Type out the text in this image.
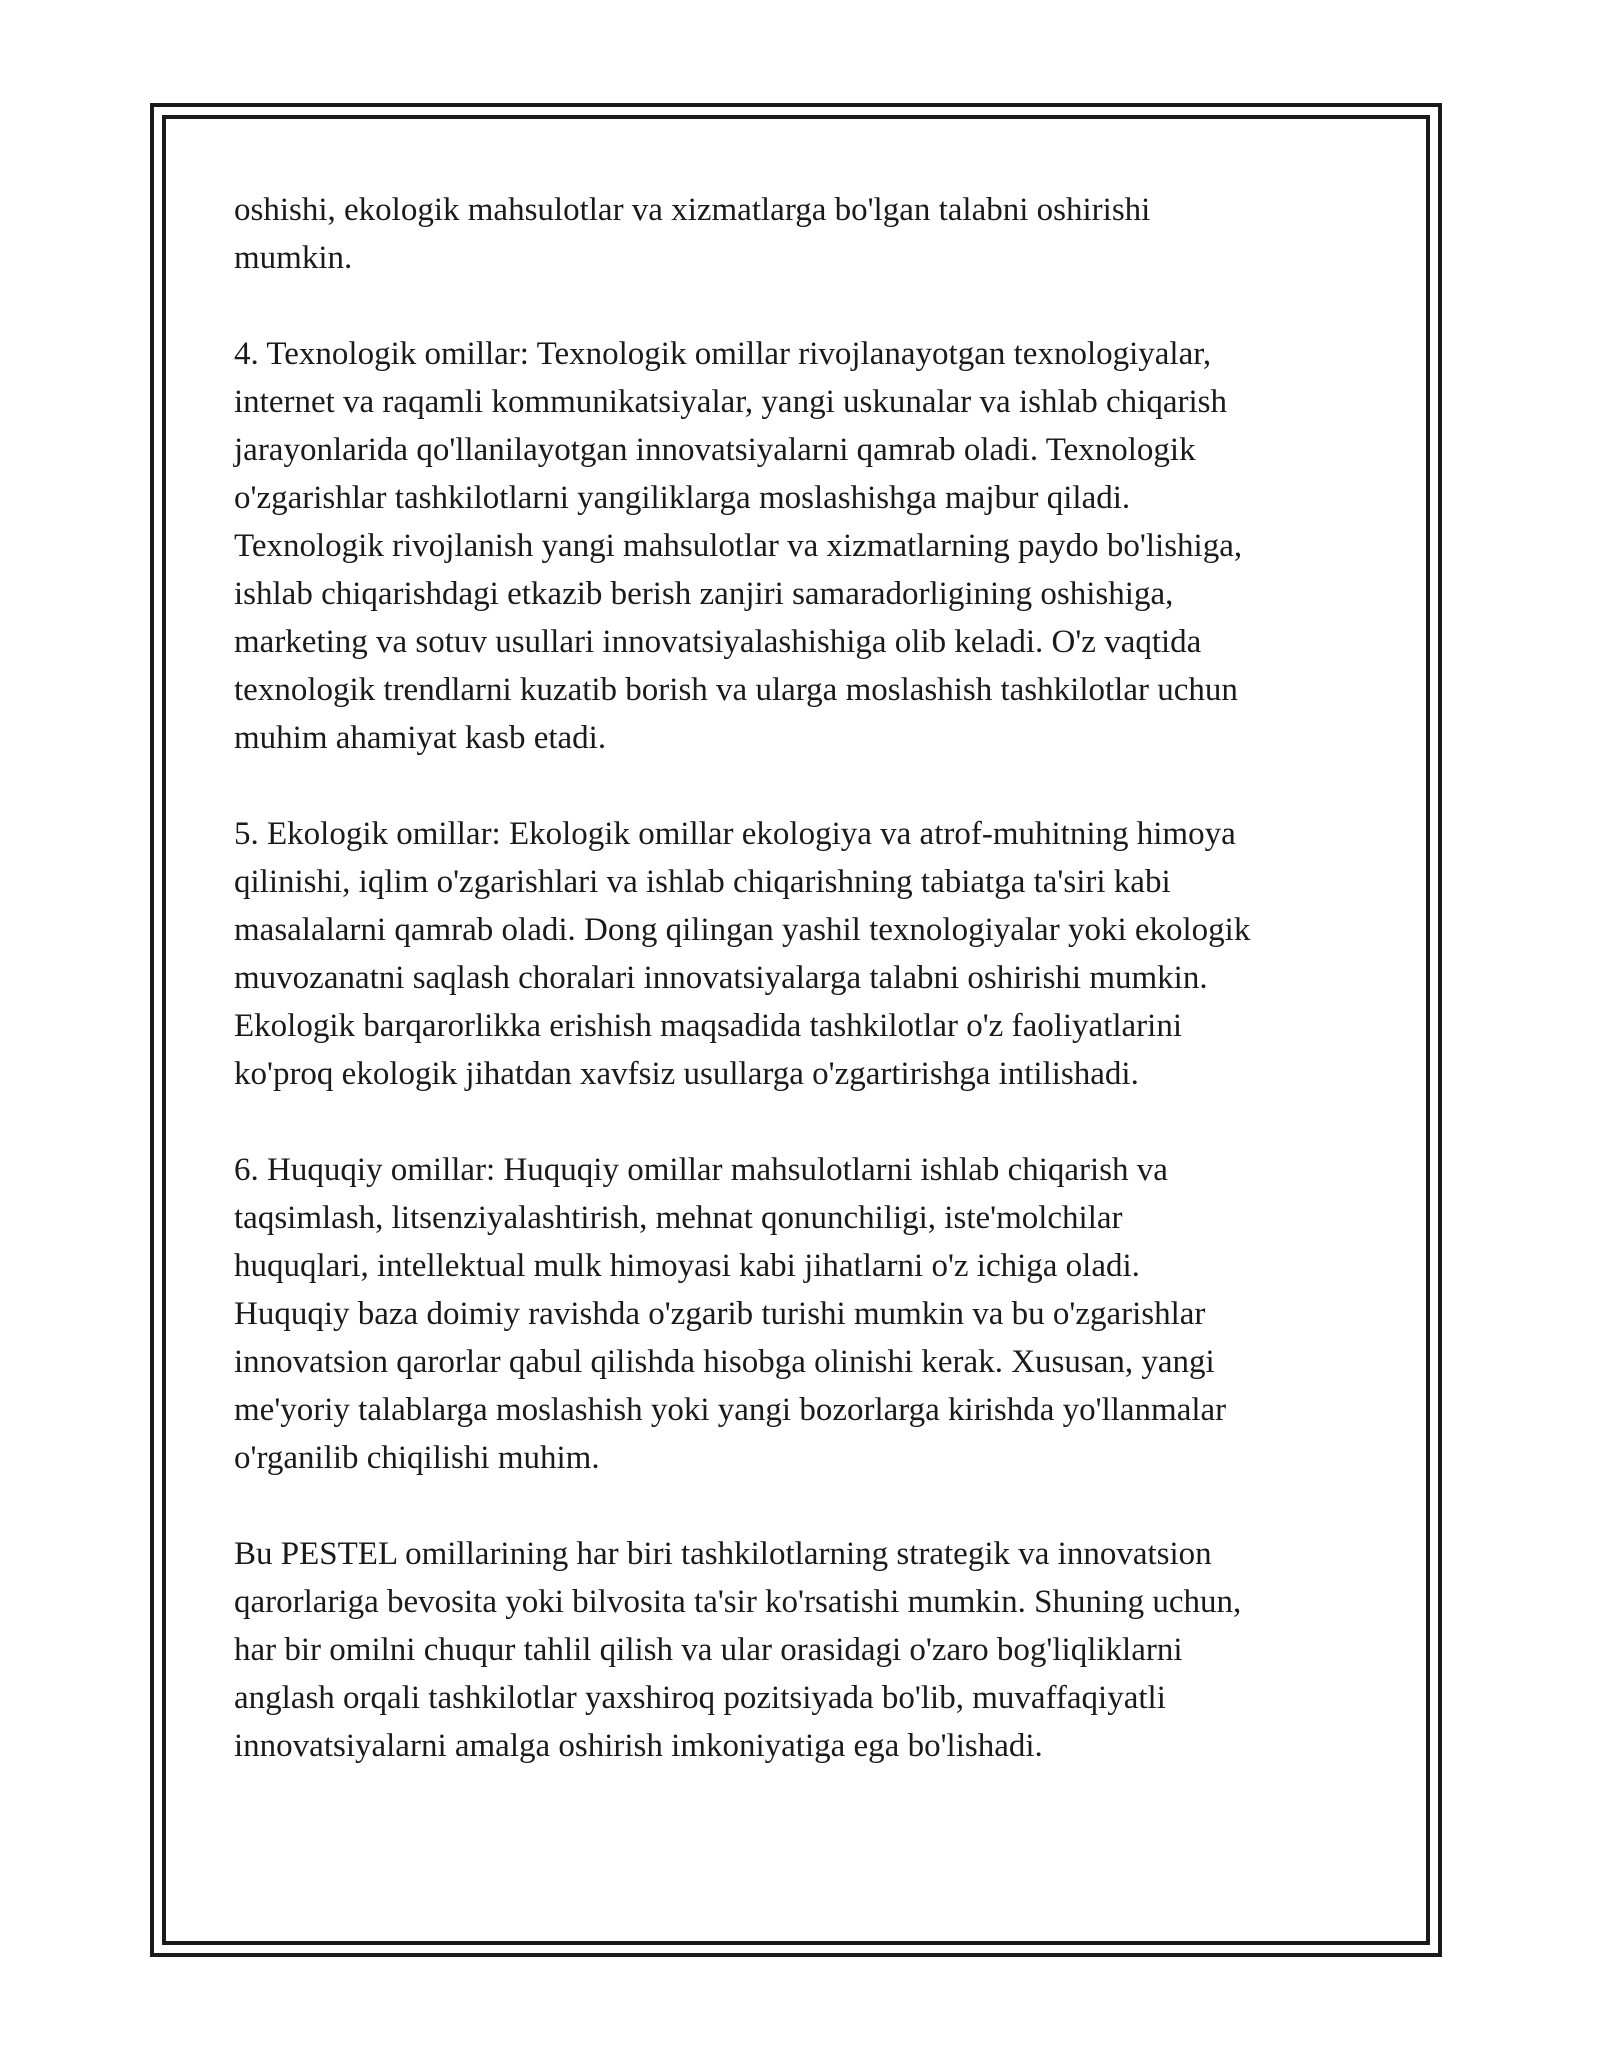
oshishi, ekologik mahsulotlar va xizmatlarga bo'lgan talabni oshirishi
mumkin.

4. Texnologik omillar: Texnologik omillar rivojlanayotgan texnologiyalar,
internet va raqamli kommunikatsiyalar, yangi uskunalar va ishlab chiqarish
jarayonlarida qo'llanilayotgan innovatsiyalarni qamrab oladi. Texnologik
o'zgarishlar tashkilotlarni yangiliklarga moslashishga majbur qiladi.
Texnologik rivojlanish yangi mahsulotlar va xizmatlarning paydo bo'lishiga,
ishlab chiqarishdagi etkazib berish zanjiri samaradorligining oshishiga,
marketing va sotuv usullari innovatsiyalashishiga olib keladi. O'z vaqtida
texnologik trendlarni kuzatib borish va ularga moslashish tashkilotlar uchun
muhim ahamiyat kasb etadi.

5. Ekologik omillar: Ekologik omillar ekologiya va atrof-muhitning himoya
qilinishi, iqlim o'zgarishlari va ishlab chiqarishning tabiatga ta'siri kabi
masalalarni qamrab oladi. Dong qilingan yashil texnologiyalar yoki ekologik
muvozanatni saqlash choralari innovatsiyalarga talabni oshirishi mumkin.
Ekologik barqarorlikka erishish maqsadida tashkilotlar o'z faoliyatlarini
ko'proq ekologik jihatdan xavfsiz usullarga o'zgartirishga intilishadi.

6. Huquqiy omillar: Huquqiy omillar mahsulotlarni ishlab chiqarish va
taqsimlash, litsenziyalashtirish, mehnat qonunchiligi, iste'molchilar
huquqlari, intellektual mulk himoyasi kabi jihatlarni o'z ichiga oladi.
Huquqiy baza doimiy ravishda o'zgarib turishi mumkin va bu o'zgarishlar
innovatsion qarorlar qabul qilishda hisobga olinishi kerak. Xususan, yangi
me'yoriy talablarga moslashish yoki yangi bozorlarga kirishda yo'llanmalar
o'rganilib chiqilishi muhim.

Bu PESTEL omillarining har biri tashkilotlarning strategik va innovatsion
qarorlariga bevosita yoki bilvosita ta'sir ko'rsatishi mumkin. Shuning uchun,
har bir omilni chuqur tahlil qilish va ular orasidagi o'zaro bog'liqliklarni
anglash orqali tashkilotlar yaxshiroq pozitsiyada bo'lib, muvaffaqiyatli
innovatsiyalarni amalga oshirish imkoniyatiga ega bo'lishadi.
